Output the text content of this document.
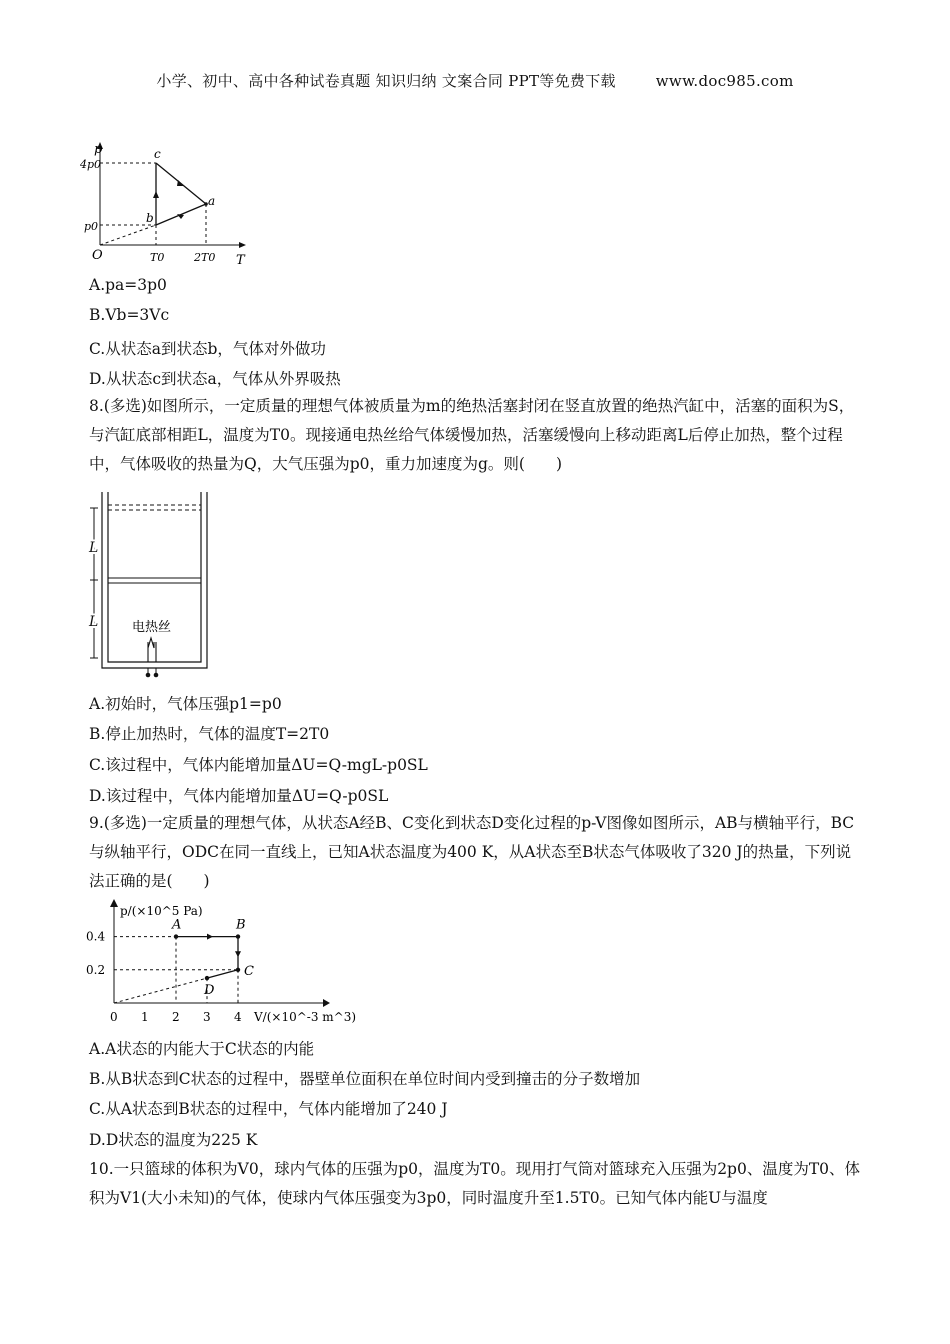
小学、初中、高中各种试卷真题 知识归纳 文案合同 PPT等免费下载	www.doc985.com
p
T
O
4p0
p0
T0	2T0
c
b
a
A.pa=3p0
B.Vb=3Vc
C.从状态a到状态b，气体对外做功
D.从状态c到状态a，气体从外界吸热
8.(多选)如图所示，一定质量的理想气体被质量为m的绝热活塞封闭在竖直放置的绝热汽缸中，活塞的面积为S，与汽缸底部相距L，温度为T0。现接通电热丝给气体缓慢加热，活塞缓慢向上移动距离L后停止加热，整个过程中，气体吸收的热量为Q，大气压强为p0，重力加速度为g。则(　　)
L
L	电热丝
A.初始时，气体压强p1=p0
B.停止加热时，气体的温度T=2T0
C.该过程中，气体内能增加量ΔU=Q-mgL-p0SL
D.该过程中，气体内能增加量ΔU=Q-p0SL
9.(多选)一定质量的理想气体，从状态A经B、C变化到状态D变化过程的p-V图像如图所示，AB与横轴平行，BC与纵轴平行，ODC在同一直线上，已知A状态温度为400 K，从A状态至B状态气体吸收了320 J的热量，下列说法正确的是(　　)
p/(×10^5 Pa)
V/(×10^-3 m^3)
0 1 2 3 4
0.2
0.4
A	B
C
D
A.A状态的内能大于C状态的内能
B.从B状态到C状态的过程中，器壁单位面积在单位时间内受到撞击的分子数增加
C.从A状态到B状态的过程中，气体内能增加了240 J
D.D状态的温度为225 K
10.一只篮球的体积为V0，球内气体的压强为p0，温度为T0。现用打气筒对篮球充入压强为2p0、温度为T0、体积为V1(大小未知)的气体，使球内气体压强变为3p0，同时温度升至1.5T0。已知气体内能U与温度
